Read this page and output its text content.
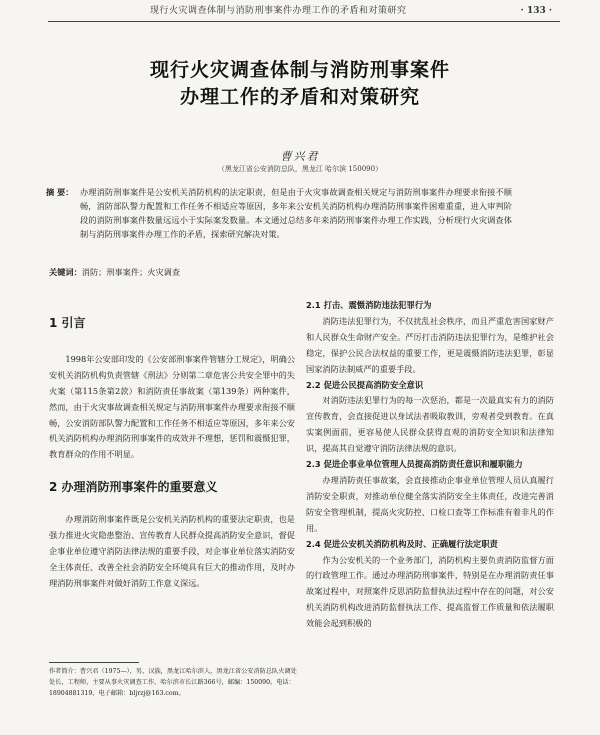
现行火灾调查体制与消防刑事案件办理工作的矛盾和对策研究	· 133 ·
现行火灾调查体制与消防刑事案件
办理工作的矛盾和对策研究
曹兴君
（黑龙江省公安消防总队，黑龙江 哈尔滨 150090）
摘 要： 办理消防刑事案件是公安机关消防机构的法定职责，但是由于火灾事故调查相关规定与消防刑事案件办理要求衔接不顺畅，消防部队警力配置和工作任务不相适应等原因，多年来公安机关消防机构办理消防刑事案件困难重重，进入审判阶段的消防刑事案件数量远远小于实际案发数量。本文通过总结多年来消防刑事案件办理工作实践，分析现行火灾调查体制与消防刑事案件办理工作的矛盾，探索研究解决对策。
关键词：消防；刑事案件；火灾调查
1 引言

1998年公安部印发的《公安部刑事案件管辖分工规定》，明确公安机关消防机构负责管辖《刑法》分则第二章危害公共安全罪中的失火案（第115条第2款）和消防责任事故案（第139条）两种案件，然而，由于火灾事故调查相关规定与消防刑事案件办理要求衔接不顺畅，公安消防部队警力配置和工作任务不相适应等原因，多年来公安机关消防机构办理消防刑事案件的成效并不理想，惩罚和震慑犯罪，教育群众的作用不明显。

2 办理消防刑事案件的重要意义

办理消防刑事案件既是公安机关消防机构的重要法定职责，也是强力推进火灾隐患整治、宣传教育人民群众提高消防安全意识，督促企事业单位遵守消防法律法规的重要手段，对企事业单位落实消防安全主体责任、改善全社会消防安全环境具有巨大的推动作用，及时办理消防刑事案件对做好消防工作意义深远。

2.1 打击、震慑消防违法犯罪行为

消防违法犯罪行为，不仅扰乱社会秩序，而且严重危害国家财产和人民群众生命财产安全。严厉打击消防违法犯罪行为，是维护社会稳定，保护公民合法权益的重要工作，更是震慑消防违法犯罪，彰显国家消防法制威严的重要手段。

2.2 促进公民提高消防安全意识

对消防违法犯罪行为的每一次惩治，都是一次最真实有力的消防宣传教育，会直接促进以身试法者吸取教训，旁观者受到教育。在真实案例面前，更容易使人民群众获得直观的消防安全知识和法律知识，提高其自觉遵守消防法律法规的意识。

2.3 促进企事业单位管理人员提高消防责任意识和履职能力

办理消防责任事故案，会直接推动企事业单位管理人员认真履行消防安全职责，对推动单位健全落实消防安全主体责任，改进完善消防安全管理机制，提高火灾防控、口检口查等工作标准有着非凡的作用。

2.4 促进公安机关消防机构及时、正确履行法定职责

作为公安机关的一个业务部门，消防机构主要负责消防监督方面的行政管理工作。通过办理消防刑事案件，特别是在办理消防责任事故案过程中，对照案件反思消防监督执法过程中存在的问题，对公安机关消防机构改进消防监督执法工作、提高监督工作质量和依法履职效能会起到积极的

作者简介：曹兴君（1975—），男，汉族，黑龙江哈尔滨人，黑龙江省公安消防总队火调处处长，工程师，主要从事火灾调查工作，哈尔滨市长江路366号，邮编：150090。电话：18904881319，电子邮箱：bljrzj@163.com。
